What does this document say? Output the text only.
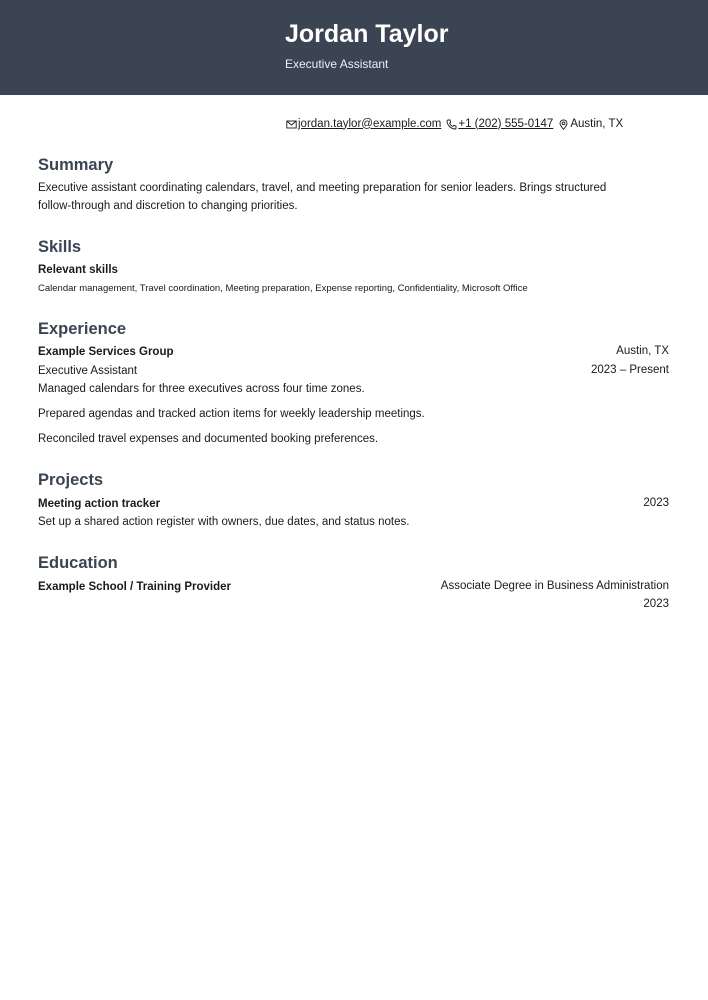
Jordan Taylor
Executive Assistant
jordan.taylor@example.com +1 (202) 555-0147 Austin, TX
Summary
Executive assistant coordinating calendars, travel, and meeting preparation for senior leaders. Brings structured
follow-through and discretion to changing priorities.
Skills
Relevant skills
Calendar management, Travel coordination, Meeting preparation, Expense reporting, Confidentiality, Microsoft Office
Experience
Example Services Group	Austin, TX
Executive Assistant	2023 – Present
Managed calendars for three executives across four time zones.
Prepared agendas and tracked action items for weekly leadership meetings.
Reconciled travel expenses and documented booking preferences.
Projects
Meeting action tracker	2023
Set up a shared action register with owners, due dates, and status notes.
Education
Example School / Training Provider	Associate Degree in Business Administration
2023
